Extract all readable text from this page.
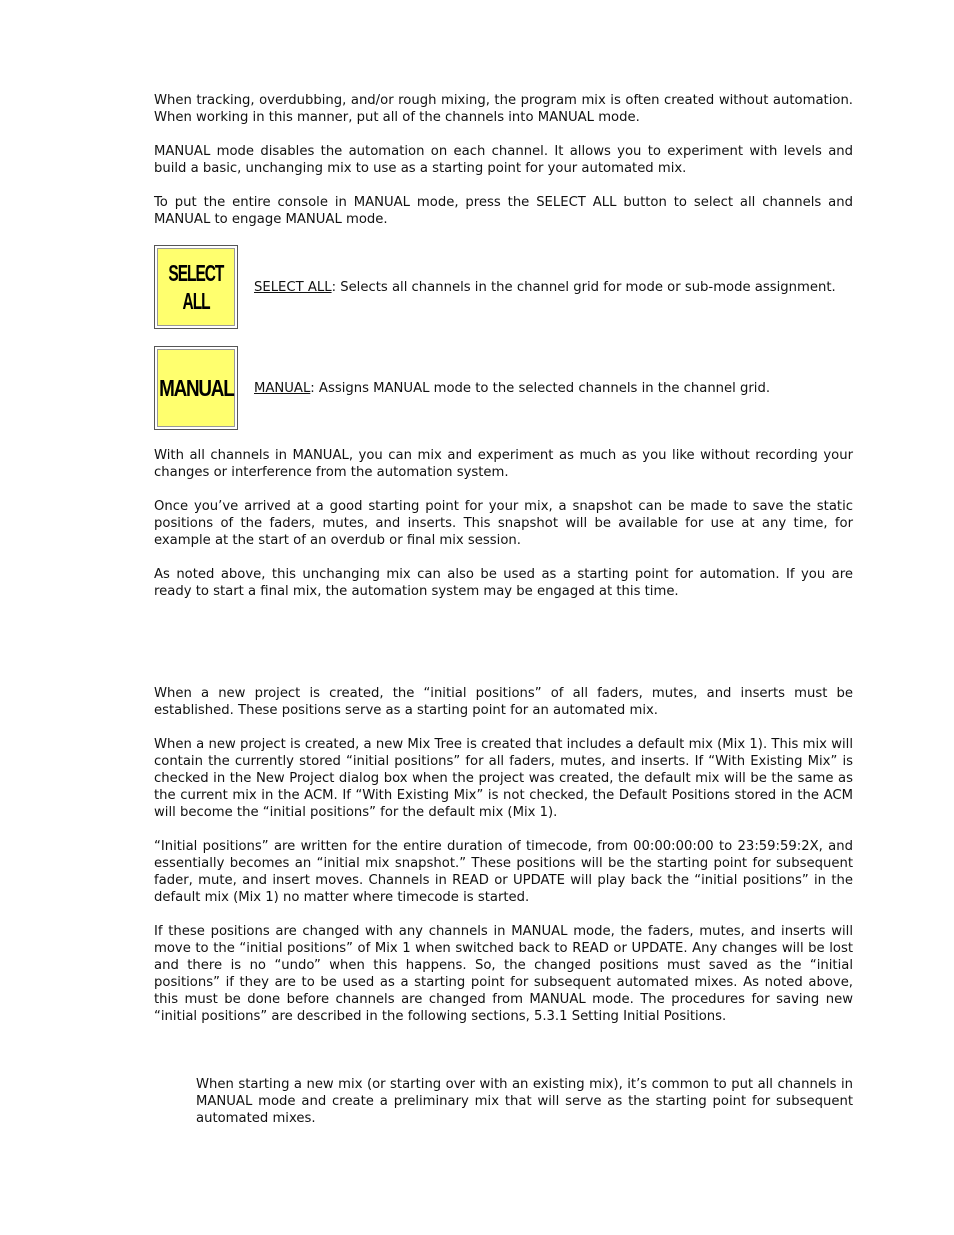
When tracking, overdubbing, and/or rough mixing, the program mix is often created without automation. When working in this manner, put all of the channels into MANUAL mode.

MANUAL mode disables the automation on each channel. It allows you to experiment with levels and build a basic, unchanging mix to use as a starting point for your automated mix.

To put the entire console in MANUAL mode, press the SELECT ALL button to select all channels and MANUAL to engage MANUAL mode.

SELECT
ALL
SELECT ALL: Selects all channels in the channel grid for mode or sub-mode assignment.
MANUAL MANUAL: Assigns MANUAL mode to the selected channels in the channel grid.

With all channels in MANUAL, you can mix and experiment as much as you like without recording your changes or interference from the automation system.

Once you’ve arrived at a good starting point for your mix, a snapshot can be made to save the static positions of the faders, mutes, and inserts. This snapshot will be available for use at any time, for example at the start of an overdub or final mix session.

As noted above, this unchanging mix can also be used as a starting point for automation. If you are ready to start a final mix, the automation system may be engaged at this time.

When a new project is created, the “initial positions” of all faders, mutes, and inserts must be established. These positions serve as a starting point for an automated mix.

When a new project is created, a new Mix Tree is created that includes a default mix (Mix 1). This mix will contain the currently stored “initial positions” for all faders, mutes, and inserts. If “With Existing Mix” is checked in the New Project dialog box when the project was created, the default mix will be the same as the current mix in the ACM. If “With Existing Mix” is not checked, the Default Positions stored in the ACM will become the “initial positions” for the default mix (Mix 1).

“Initial positions” are written for the entire duration of timecode, from 00:00:00:00 to 23:59:59:2X, and essentially becomes an “initial mix snapshot.” These positions will be the starting point for subsequent fader, mute, and insert moves. Channels in READ or UPDATE will play back the “initial positions” in the default mix (Mix 1) no matter where timecode is started.

If these positions are changed with any channels in MANUAL mode, the faders, mutes, and inserts will move to the “initial positions” of Mix 1 when switched back to READ or UPDATE. Any changes will be lost and there is no “undo” when this happens. So, the changed positions must saved as the “initial positions” if they are to be used as a starting point for subsequent automated mixes. As noted above, this must be done before channels are changed from MANUAL mode. The procedures for saving new “initial positions” are described in the following sections, 5.3.1 Setting Initial Positions.

When starting a new mix (or starting over with an existing mix), it’s common to put all channels in MANUAL mode and create a preliminary mix that will serve as the starting point for subsequent automated mixes.
